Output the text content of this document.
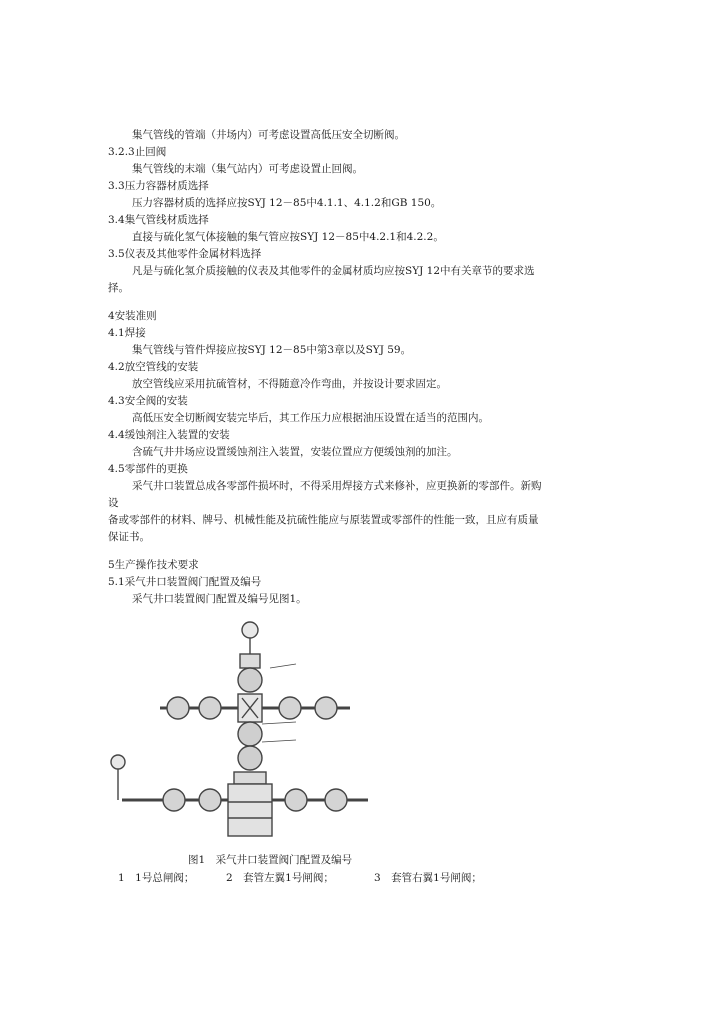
集气管线的管端（井场内）可考虑设置高低压安全切断阀。
3.2.3止回阀
集气管线的末端（集气站内）可考虑设置止回阀。
3.3压力容器材质选择
压力容器材质的选择应按SYJ 12－85中4.1.1、4.1.2和GB 150。
3.4集气管线材质选择
直接与硫化氢气体接触的集气管应按SYJ 12－85中4.2.1和4.2.2。
3.5仪表及其他零件金属材料选择
凡是与硫化氢介质接触的仪表及其他零件的金属材质均应按SYJ 12中有关章节的要求选
择。
4安装准则
4.1焊接
集气管线与管件焊接应按SYJ 12－85中第3章以及SYJ 59。
4.2放空管线的安装
放空管线应采用抗硫管材，不得随意冷作弯曲，并按设计要求固定。
4.3安全阀的安装
高低压安全切断阀安装完毕后，其工作压力应根据油压设置在适当的范围内。
4.4缓蚀剂注入装置的安装
含硫气井井场应设置缓蚀剂注入装置，安装位置应方便缓蚀剂的加注。
4.5零部件的更换
采气井口装置总成各零部件损坏时，不得采用焊接方式来修补，应更换新的零部件。新购
设
备或零部件的材料、牌号、机械性能及抗硫性能应与原装置或零部件的性能一致，且应有质量
保证书。
5生产操作技术要求
5.1采气井口装置阀门配置及编号
采气井口装置阀门配置及编号见图1。
图1　采气井口装置阀门配置及编号
1　1号总闸阀；	2　套管左翼1号闸阀；	3　套管右翼1号闸阀；
